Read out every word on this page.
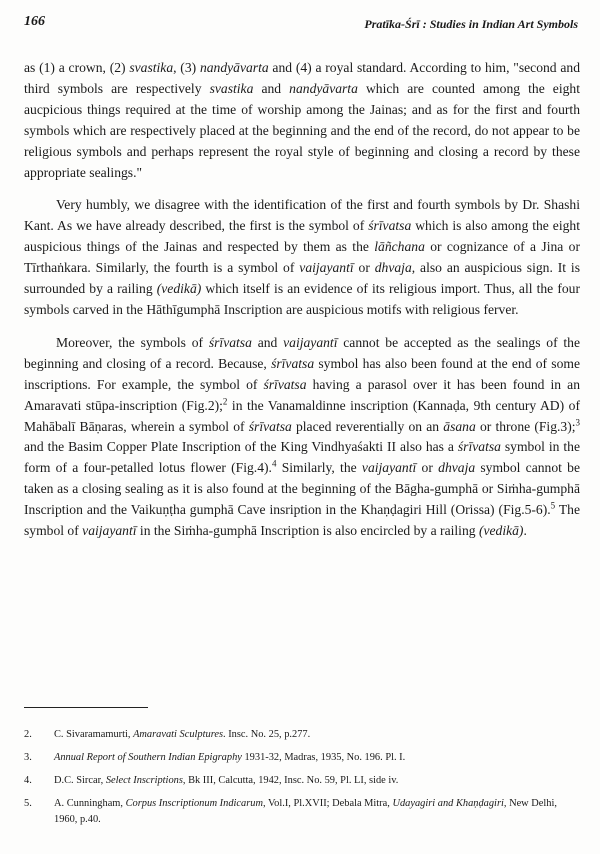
166	Pratīka-Śrī : Studies in Indian Art Symbols

as (1) a crown, (2) svastika, (3) nandyāvarta and (4) a royal standard. According to him, "second and third symbols are respectively svastika and nandyāvarta which are counted among the eight aucpicious things required at the time of worship among the Jainas; and as for the first and fourth symbols which are respectively placed at the beginning and the end of the record, do not appear to be religious symbols and perhaps represent the royal style of beginning and closing a record by these appropriate sealings."

Very humbly, we disagree with the identification of the first and fourth symbols by Dr. Shashi Kant. As we have already described, the first is the symbol of śrīvatsa which is also among the eight auspicious things of the Jainas and respected by them as the lāñchana or cognizance of a Jina or Tīrthaṅkara. Similarly, the fourth is a symbol of vaijayantī or dhvaja, also an auspicious sign. It is surrounded by a railing (vedikā) which itself is an evidence of its religious import. Thus, all the four symbols carved in the Hāthīgumphā Inscription are auspicious motifs with religious ferver.

Moreover, the symbols of śrīvatsa and vaijayantī cannot be accepted as the sealings of the beginning and closing of a record. Because, śrīvatsa symbol has also been found at the end of some inscriptions. For example, the symbol of śrīvatsa having a parasol over it has been found in an Amaravati stūpa-inscription (Fig.2);$^2$ in the Vanamaldinne inscription (Kannaḍa, 9th century AD) of Mahābalī Bāṇaras, wherein a symbol of śrīvatsa placed reverentially on an āsana or throne (Fig.3);$^3$ and the Basim Copper Plate Inscription of the King Vindhyaśakti II also has a śrīvatsa symbol in the form of a four-petalled lotus flower (Fig.4).$^4$ Similarly, the vaijayantī or dhvaja symbol cannot be taken as a closing sealing as it is also found at the beginning of the Bāgha-gumphā or Siṁha-gumphā Inscription and the Vaikuṇṭha gumphā Cave insription in the Khaṇḍagiri Hill (Orissa) (Fig.5-6).$^5$ The symbol of vaijayantī in the Siṁha-gumphā Inscription is also encircled by a railing (vedikā).

2.	C. Sivaramamurti, Amaravati Sculptures. Insc. No. 25, p.277.
3.	Annual Report of Southern Indian Epigraphy 1931-32, Madras, 1935, No. 196. Pl. I.
4.	D.C. Sircar, Select Inscriptions, Bk III, Calcutta, 1942, Insc. No. 59, Pl. LI, side iv.
5.	A. Cunningham, Corpus Inscriptionum Indicarum, Vol.I, Pl.XVII; Debala Mitra, Udayagiri and Khaṇḍagiri, New Delhi, 1960, p.40.
